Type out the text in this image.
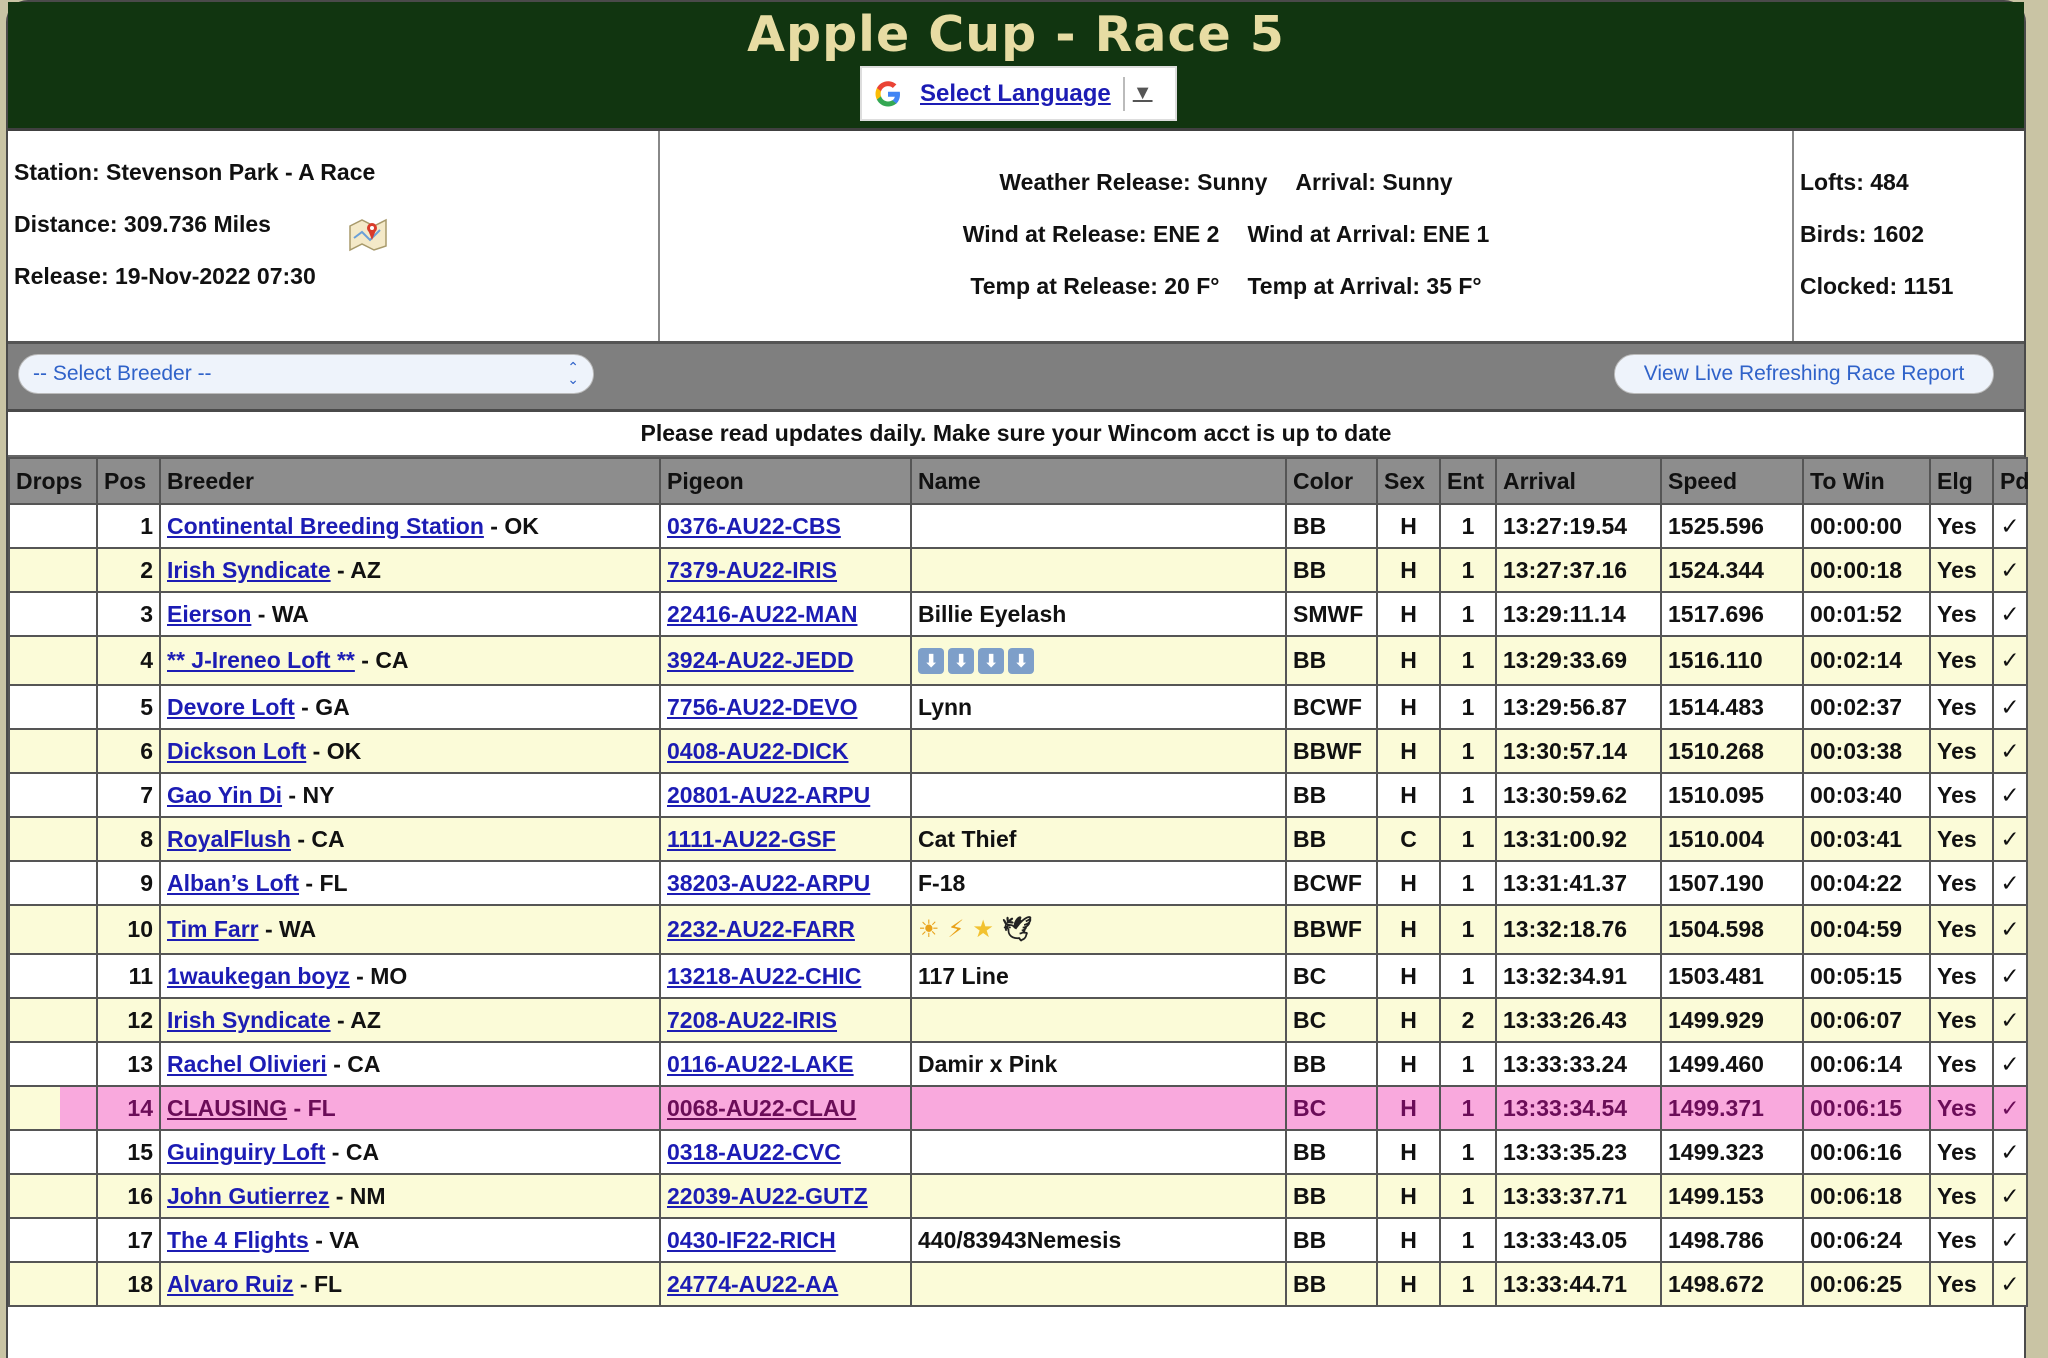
Apple Cup - Race 5
Select Language ▼
Station: Stevenson Park - A Race
Distance: 309.736 Miles
Release: 19-Nov-2022 07:30
Weather Release: Sunny Arrival: Sunny
Wind at Release: ENE 2 Wind at Arrival: ENE 1
Temp at Release: 20 F° Temp at Arrival: 35 F°
Lofts: 484
Birds: 1602
Clocked: 1151
-- Select Breeder --	⌃
⌄	View Live Refreshing Race Report
Please read updates daily. Make sure your Wincom acct is up to date
Drops	Pos	Breeder	Pigeon	Name	Color	Sex	Ent	Arrival	Speed	To Win	Elg	Pd
	1	Continental Breeding Station - OK	0376-AU22-CBS		BB	H	1	13:27:19.54	1525.596	00:00:00	Yes	✓
	2	Irish Syndicate - AZ	7379-AU22-IRIS		BB	H	1	13:27:37.16	1524.344	00:00:18	Yes	✓
	3	Eierson - WA	22416-AU22-MAN	Billie Eyelash	SMWF	H	1	13:29:11.14	1517.696	00:01:52	Yes	✓
	4	** J-Ireneo Loft ** - CA	3924-AU22-JEDD	⬇ ⬇ ⬇ ⬇	BB	H	1	13:29:33.69	1516.110	00:02:14	Yes	✓
	5	Devore Loft - GA	7756-AU22-DEVO	Lynn	BCWF	H	1	13:29:56.87	1514.483	00:02:37	Yes	✓
	6	Dickson Loft - OK	0408-AU22-DICK		BBWF	H	1	13:30:57.14	1510.268	00:03:38	Yes	✓
	7	Gao Yin Di - NY	20801-AU22-ARPU		BB	H	1	13:30:59.62	1510.095	00:03:40	Yes	✓
	8	RoyalFlush - CA	1111-AU22-GSF	Cat Thief	BB	C	1	13:31:00.92	1510.004	00:03:41	Yes	✓
	9	Alban’s Loft - FL	38203-AU22-ARPU	F-18	BCWF	H	1	13:31:41.37	1507.190	00:04:22	Yes	✓
	10	Tim Farr - WA	2232-AU22-FARR	☀ ⚡ ★ 🕊	BBWF	H	1	13:32:18.76	1504.598	00:04:59	Yes	✓
	11	1waukegan boyz - MO	13218-AU22-CHIC	117 Line	BC	H	1	13:32:34.91	1503.481	00:05:15	Yes	✓
	12	Irish Syndicate - AZ	7208-AU22-IRIS		BC	H	2	13:33:26.43	1499.929	00:06:07	Yes	✓
	13	Rachel Olivieri - CA	0116-AU22-LAKE	Damir x Pink	BB	H	1	13:33:33.24	1499.460	00:06:14	Yes	✓
	14	CLAUSING - FL	0068-AU22-CLAU		BC	H	1	13:33:34.54	1499.371	00:06:15	Yes	✓
	15	Guinguiry Loft - CA	0318-AU22-CVC		BB	H	1	13:33:35.23	1499.323	00:06:16	Yes	✓
	16	John Gutierrez - NM	22039-AU22-GUTZ		BB	H	1	13:33:37.71	1499.153	00:06:18	Yes	✓
	17	The 4 Flights - VA	0430-IF22-RICH	440/83943Nemesis	BB	H	1	13:33:43.05	1498.786	00:06:24	Yes	✓
	18	Alvaro Ruiz - FL	24774-AU22-AA		BB	H	1	13:33:44.71	1498.672	00:06:25	Yes	✓
